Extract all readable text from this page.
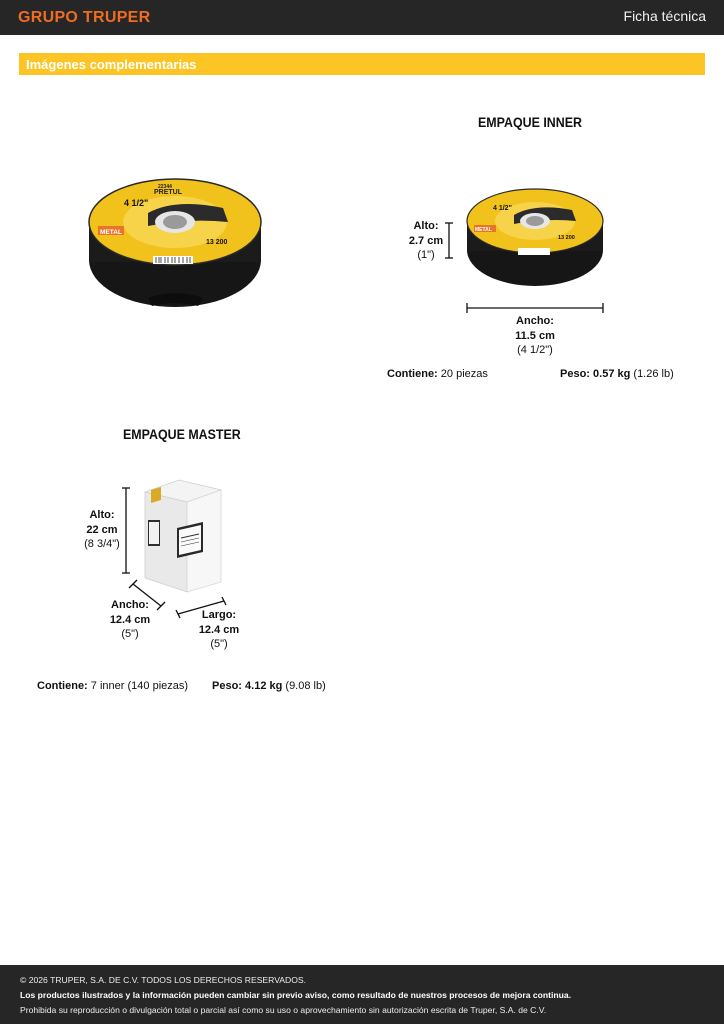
GRUPO TRUPER	Ficha técnica
Imágenes complementarias
22344
PRETUL
4 1/2"
METAL
13 200
EMPAQUE INNER
4 1/2"
METAL
13 200
Alto:
2.7 cm
(1")
Ancho:
11.5 cm
(4 1/2")
Contiene: 20 piezas	Peso: 0.57 kg (1.26 lb)
EMPAQUE MASTER
Alto:
22 cm
(8 3/4")
Ancho:
12.4 cm
(5")
Largo:
12.4 cm
(5")
Contiene: 7 inner (140 piezas) Peso: 4.12 kg (9.08 lb)
© 2026 TRUPER, S.A. DE C.V. TODOS LOS DERECHOS RESERVADOS.
Los productos ilustrados y la información pueden cambiar sin previo aviso, como resultado de nuestros procesos de mejora continua.
Prohibida su reproducción o divulgación total o parcial así como su uso o aprovechamiento sin autorización escrita de Truper, S.A. de C.V.
